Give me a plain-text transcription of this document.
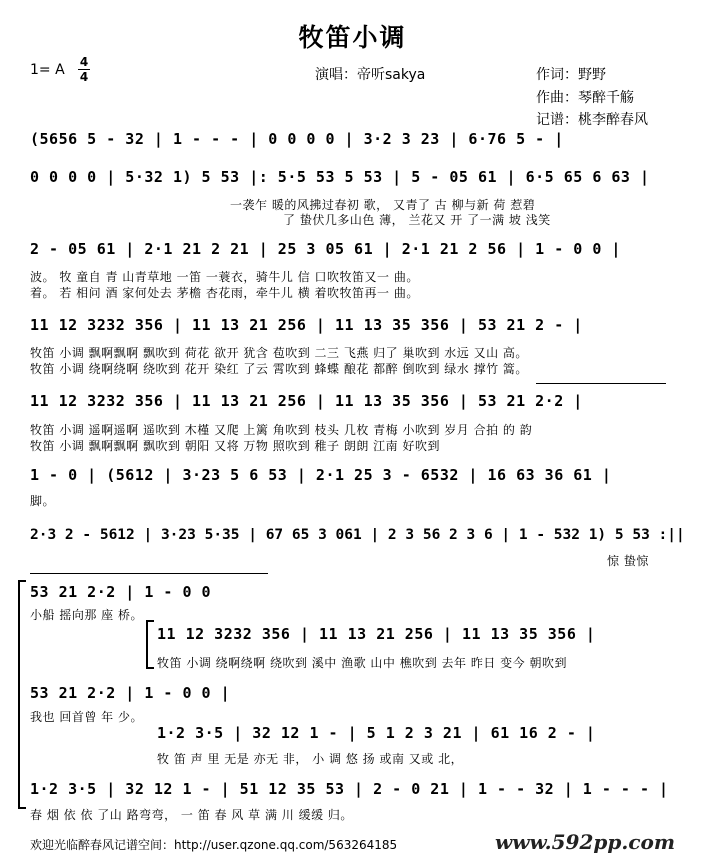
牧笛小调
1= A 4
4	演唱：帝听sakya	作词：野野
作曲：琴醉千觞
记谱：桃李醉春风
(5656 5 - 32 | 1 - - - | 0 0 0 0 | 3·2 3 23 | 6·76 5 - |
0 0 0 0 | 5·32 1) 5 53 |: 5·5 53 5 53 | 5 - 05 61 | 6·5 65 6 63 |
一袭乍 暖的风拂过春初 歌， 又青了 古 柳与新 荷 惹碧
了 蛰伏几多山色 薄， 兰花又 开 了一满 坡 浅笑
2 - 05 61 | 2·1 21 2 21 | 25 3 05 61 | 2·1 21 2 56 | 1 - 0 0 |
波。 牧 童自 青 山青草地 一笛 一蓑衣，骑牛儿 信 口吹牧笛又一 曲。
着。 若 相问 酒 家何处去 茅檐 杏花雨，牵牛儿 横 着吹牧笛再一 曲。
11 12 3232 356 | 11 13 21 256 | 11 13 35 356 | 53 21 2 - |
牧笛 小调 飘啊飘啊 飘吹到 荷花 欲开 犹含 苞吹到 二三 飞燕 归了 巢吹到 水远 又山 高。
牧笛 小调 绕啊绕啊 绕吹到 花开 染红 了云 霄吹到 蜂蝶 酿花 都醉 倒吹到 绿水 撑竹 篙。
11 12 3232 356 | 11 13 21 256 | 11 13 35 356 | 53 21 2·2 |
牧笛 小调 遥啊遥啊 遥吹到 木槿 又爬 上篱 角吹到 枝头 几枚 青梅 小吹到 岁月 合拍 的 韵
牧笛 小调 飘啊飘啊 飘吹到 朝阳 又将 万物 照吹到 稚子 朗朗 江南 好吹到
1 - 0 | (5612 | 3·23 5 6 53 | 2·1 25 3 - 6532 | 16 63 36 61 |
脚。
2·3 2 - 5612 | 3·23 5·35 | 67 65 3 061 | 2 3 56 2 3 6 | 1 - 532 1) 5 53 :||
惊 蛰惊
53 21 2·2 | 1 - 0 0
小船 摇向那 座 桥。
11 12 3232 356 | 11 13 21 256 | 11 13 35 356 |
牧笛 小调 绕啊绕啊 绕吹到 溪中 渔歌 山中 樵吹到 去年 昨日 变今 朝吹到
53 21 2·2 | 1 - 0 0 |
我也 回首曾 年 少。
1·2 3·5 | 32 12 1 - | 5 1 2 3 21 | 61 16 2 - |
牧 笛 声 里 无是 亦无 非， 小 调 悠 扬 或南 又或 北，
1·2 3·5 | 32 12 1 - | 51 12 35 53 | 2 - 0 21 | 1 - - 32 | 1 - - - |
春 烟 依 依 了山 路弯弯， 一 笛 春 风 草 满 川 缓缓 归。
欢迎光临醉春风记谱空间：http://user.qzone.qq.com/563264185	www.592pp.com
